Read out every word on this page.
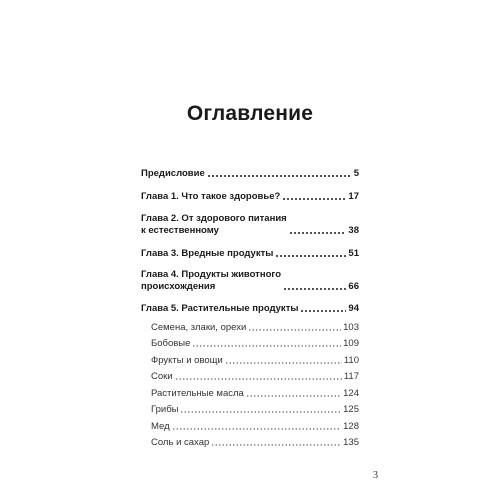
Оглавление
Предисловие	5
Глава 1. Что такое здоровье?	17
Глава 2. От здорового питания
к естественному	38
Глава 3. Вредные продукты	51
Глава 4. Продукты животного
происхождения	66
Глава 5. Растительные продукты	94
Семена, злаки, орехи	103
Бобовые	109
Фрукты и овощи	110
Соки	117
Растительные масла	124
Грибы	125
Мед	128
Соль и сахар	135
3
